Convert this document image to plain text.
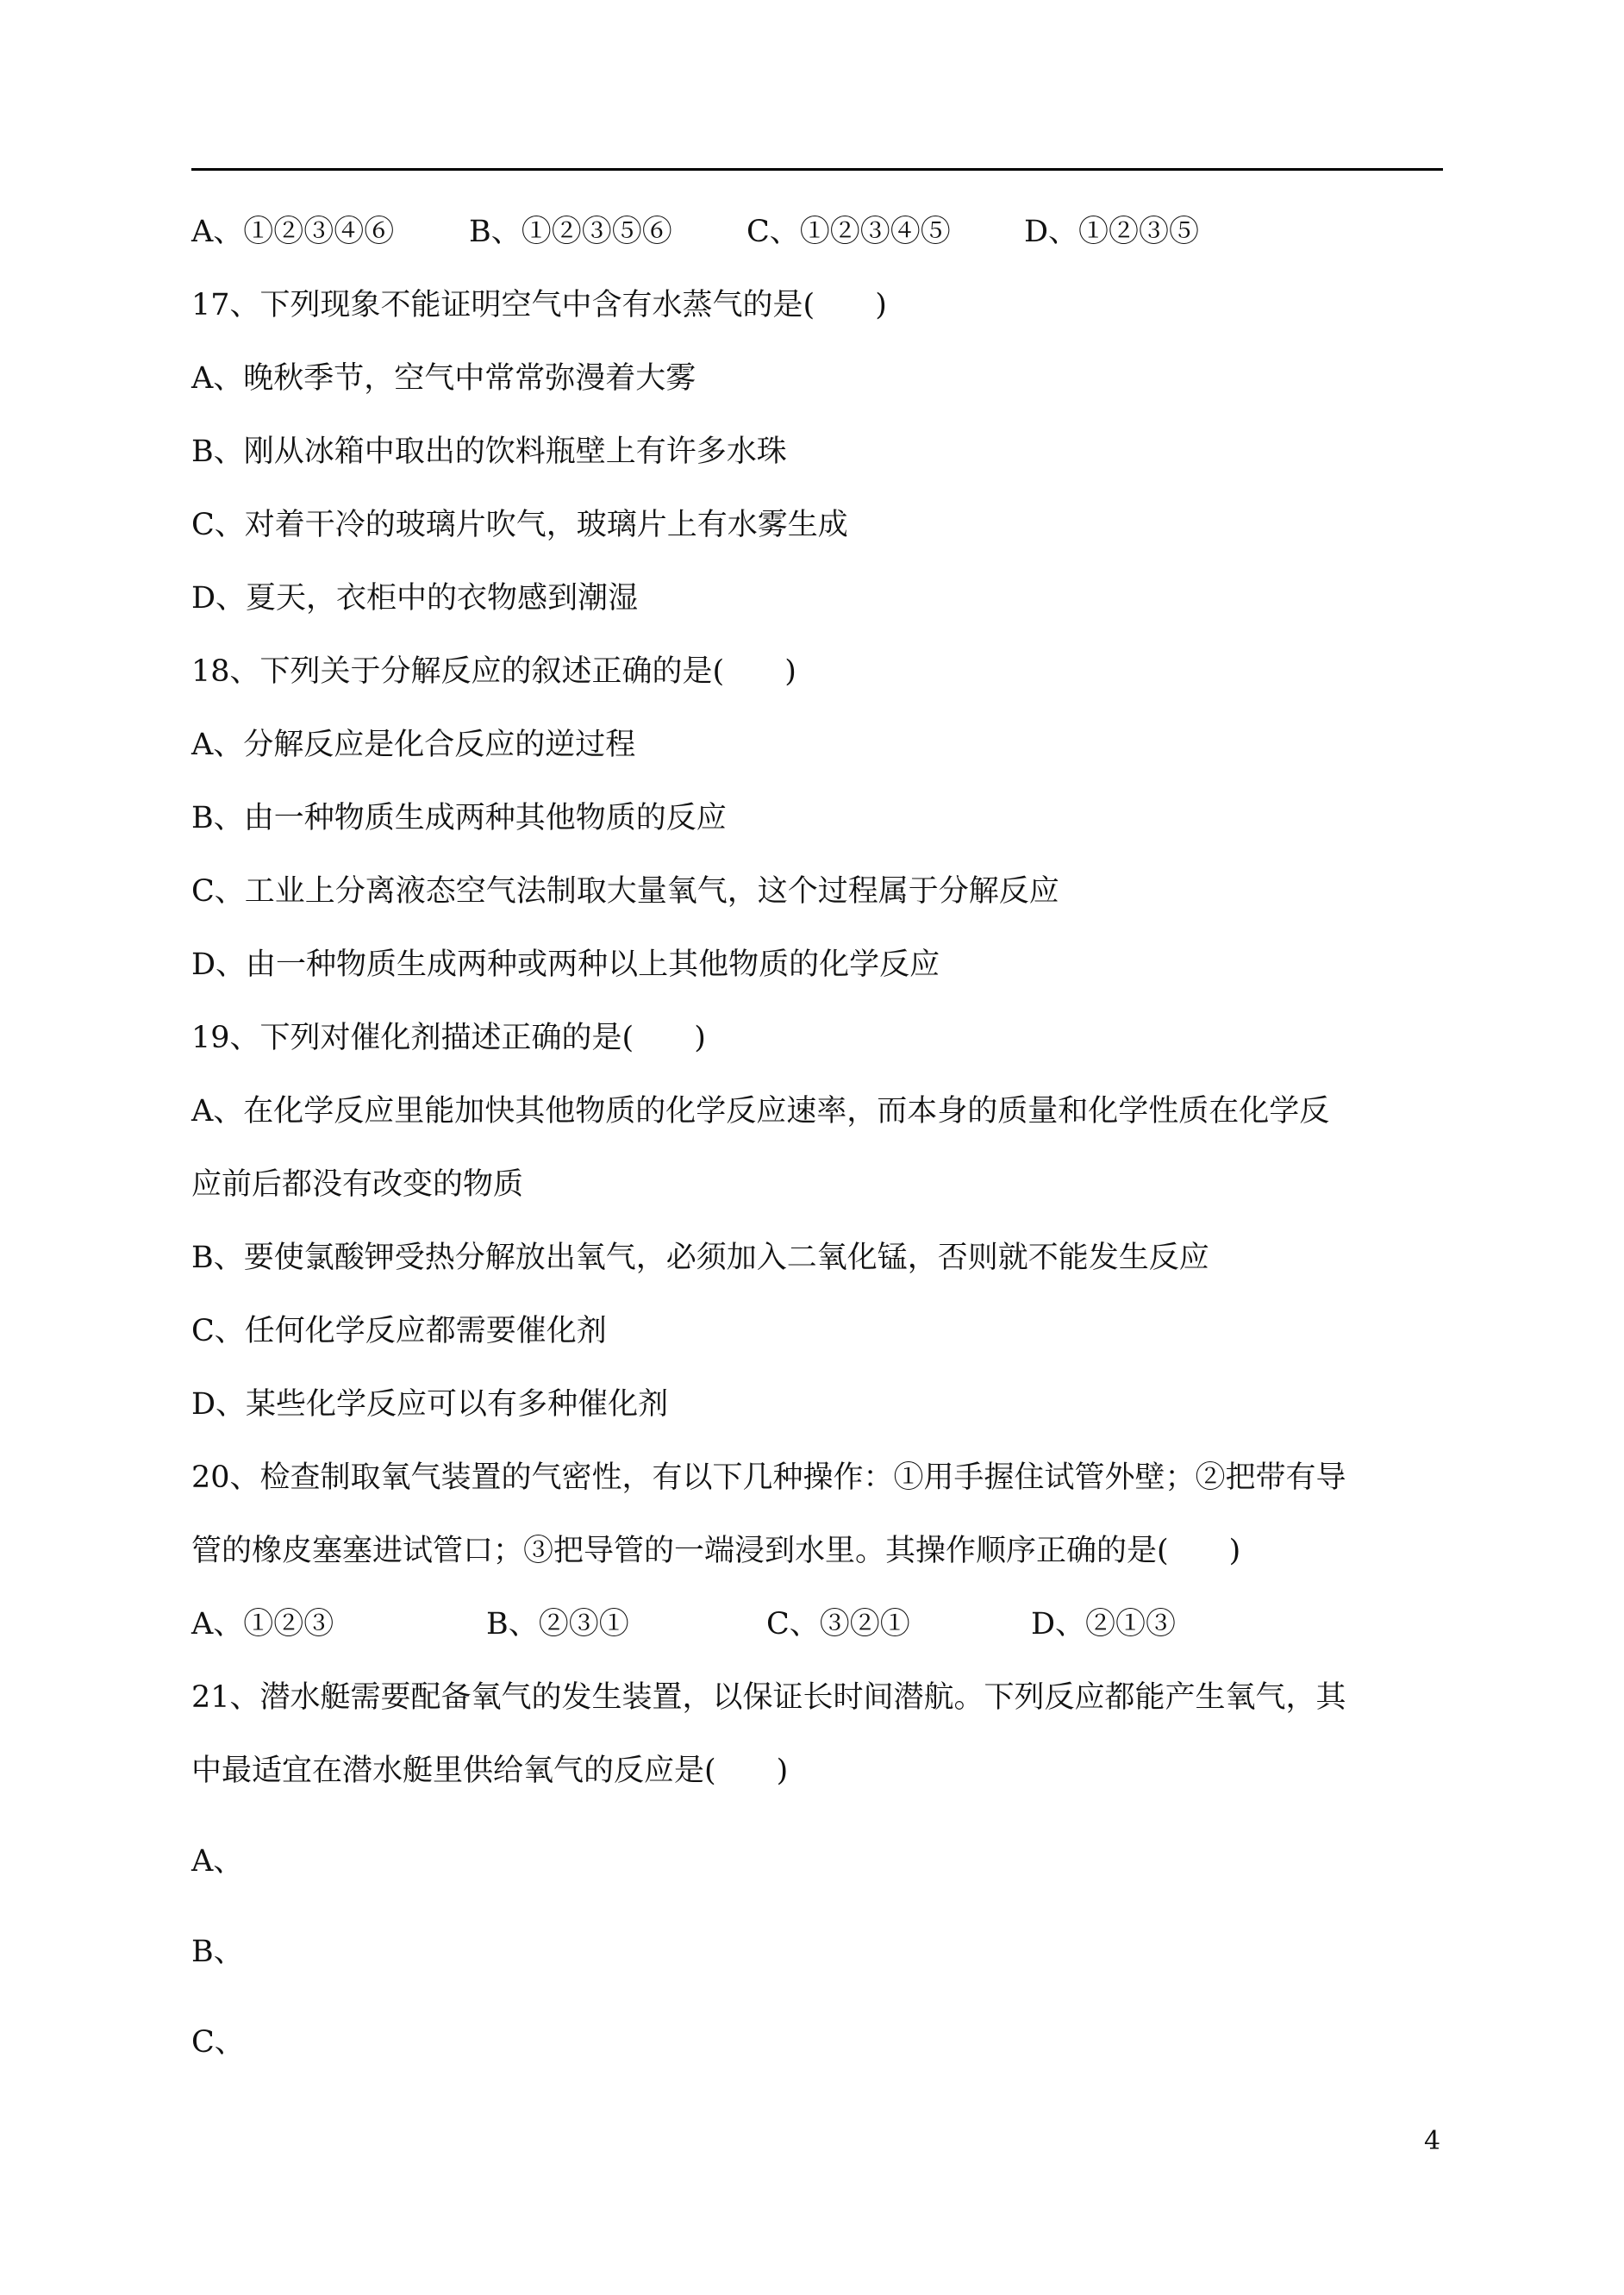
A、①②③④⑥	B、①②③⑤⑥	C、①②③④⑤	D、①②③⑤
17、下列现象不能证明空气中含有水蒸气的是(　　)
A、晚秋季节，空气中常常弥漫着大雾
B、刚从冰箱中取出的饮料瓶壁上有许多水珠
C、对着干冷的玻璃片吹气，玻璃片上有水雾生成
D、夏天，衣柜中的衣物感到潮湿
18、下列关于分解反应的叙述正确的是(　　)
A、分解反应是化合反应的逆过程
B、由一种物质生成两种其他物质的反应
C、工业上分离液态空气法制取大量氧气，这个过程属于分解反应
D、由一种物质生成两种或两种以上其他物质的化学反应
19、下列对催化剂描述正确的是(　　)
A、在化学反应里能加快其他物质的化学反应速率，而本身的质量和化学性质在化学反
应前后都没有改变的物质
B、要使氯酸钾受热分解放出氧气，必须加入二氧化锰，否则就不能发生反应
C、任何化学反应都需要催化剂
D、某些化学反应可以有多种催化剂
20、检查制取氧气装置的气密性，有以下几种操作：①用手握住试管外壁；②把带有导
管的橡皮塞塞进试管口；③把导管的一端浸到水里。其操作顺序正确的是(　　)
A、①②③	B、②③①	C、③②①	D、②①③
21、潜水艇需要配备氧气的发生装置，以保证长时间潜航。下列反应都能产生氧气，其
中最适宜在潜水艇里供给氧气的反应是(　　)
A、
B、
C、
4
